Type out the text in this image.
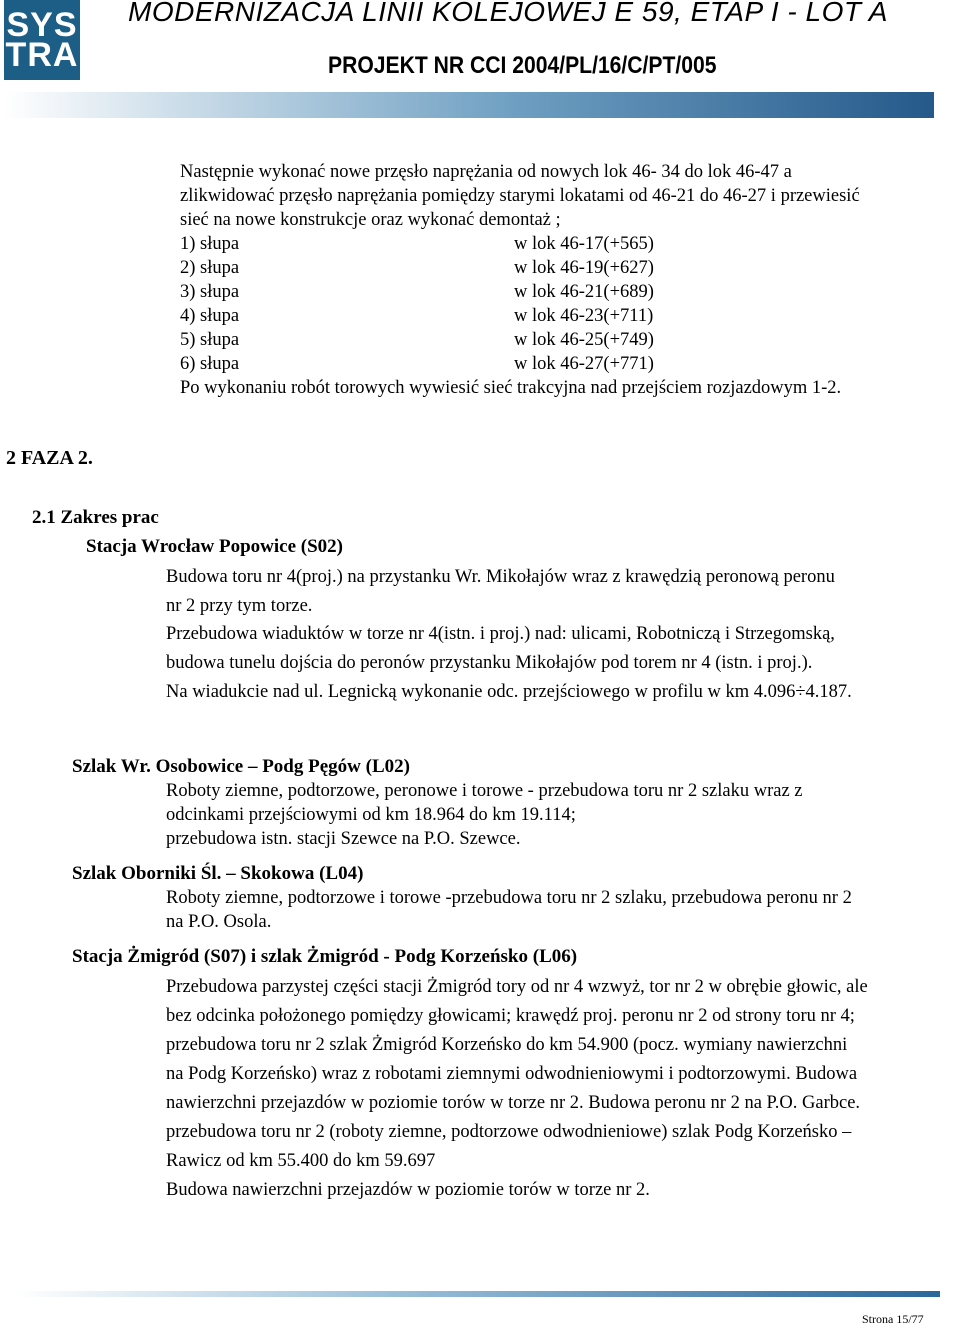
SYS
TRA
MODERNIZACJA LINII KOLEJOWEJ E 59, ETAP I - LOT A
PROJEKT NR CCI 2004/PL/16/C/PT/005
Następnie wykonać nowe przęsło naprężania od nowych lok 46- 34 do lok 46-47 a
zlikwidować przęsło naprężania pomiędzy starymi lokatami od 46-21 do 46-27 i przewiesić
sieć na nowe konstrukcje oraz wykonać demontaż ;
1) słupa	w lok 46-17(+565)
2) słupa	w lok 46-19(+627)
3) słupa	w lok 46-21(+689)
4) słupa	w lok 46-23(+711)
5) słupa	w lok 46-25(+749)
6) słupa	w lok 46-27(+771)
Po wykonaniu robót torowych wywiesić sieć trakcyjna nad przejściem rozjazdowym 1-2.
2 FAZA 2.
2.1 Zakres prac
Stacja Wrocław Popowice (S02)
Budowa toru nr 4(proj.) na przystanku Wr. Mikołajów wraz z krawędzią peronową peronu
nr 2 przy tym torze.
Przebudowa wiaduktów w torze nr 4(istn. i proj.) nad: ulicami, Robotniczą i Strzegomską,
budowa tunelu dojścia do peronów przystanku Mikołajów pod torem nr 4 (istn. i proj.).
Na wiadukcie nad ul. Legnicką wykonanie odc. przejściowego w profilu w km 4.096÷4.187.
Szlak Wr. Osobowice – Podg Pęgów (L02)
Roboty ziemne, podtorzowe, peronowe i torowe - przebudowa toru nr 2 szlaku wraz z
odcinkami przejściowymi od km 18.964 do km 19.114;
przebudowa istn. stacji Szewce na P.O. Szewce.
Szlak Oborniki Śl. – Skokowa (L04)
Roboty ziemne, podtorzowe i torowe -przebudowa toru nr 2 szlaku, przebudowa peronu nr 2
na P.O. Osola.
Stacja Żmigród (S07) i szlak Żmigród - Podg Korzeńsko (L06)
Przebudowa parzystej części stacji Żmigród tory od nr 4 wzwyż, tor nr 2 w obrębie głowic, ale
bez odcinka położonego pomiędzy głowicami; krawędź proj. peronu nr 2 od strony toru nr 4;
przebudowa toru nr 2 szlak Żmigród Korzeńsko do km 54.900 (pocz. wymiany nawierzchni
na Podg Korzeńsko) wraz z robotami ziemnymi odwodnieniowymi i podtorzowymi. Budowa
nawierzchni przejazdów w poziomie torów w torze nr 2. Budowa peronu nr 2 na P.O. Garbce.
przebudowa toru nr 2 (roboty ziemne, podtorzowe odwodnieniowe) szlak Podg Korzeńsko –
Rawicz od km 55.400 do km 59.697
Budowa nawierzchni przejazdów w poziomie torów w torze nr 2.
Strona 15/77
